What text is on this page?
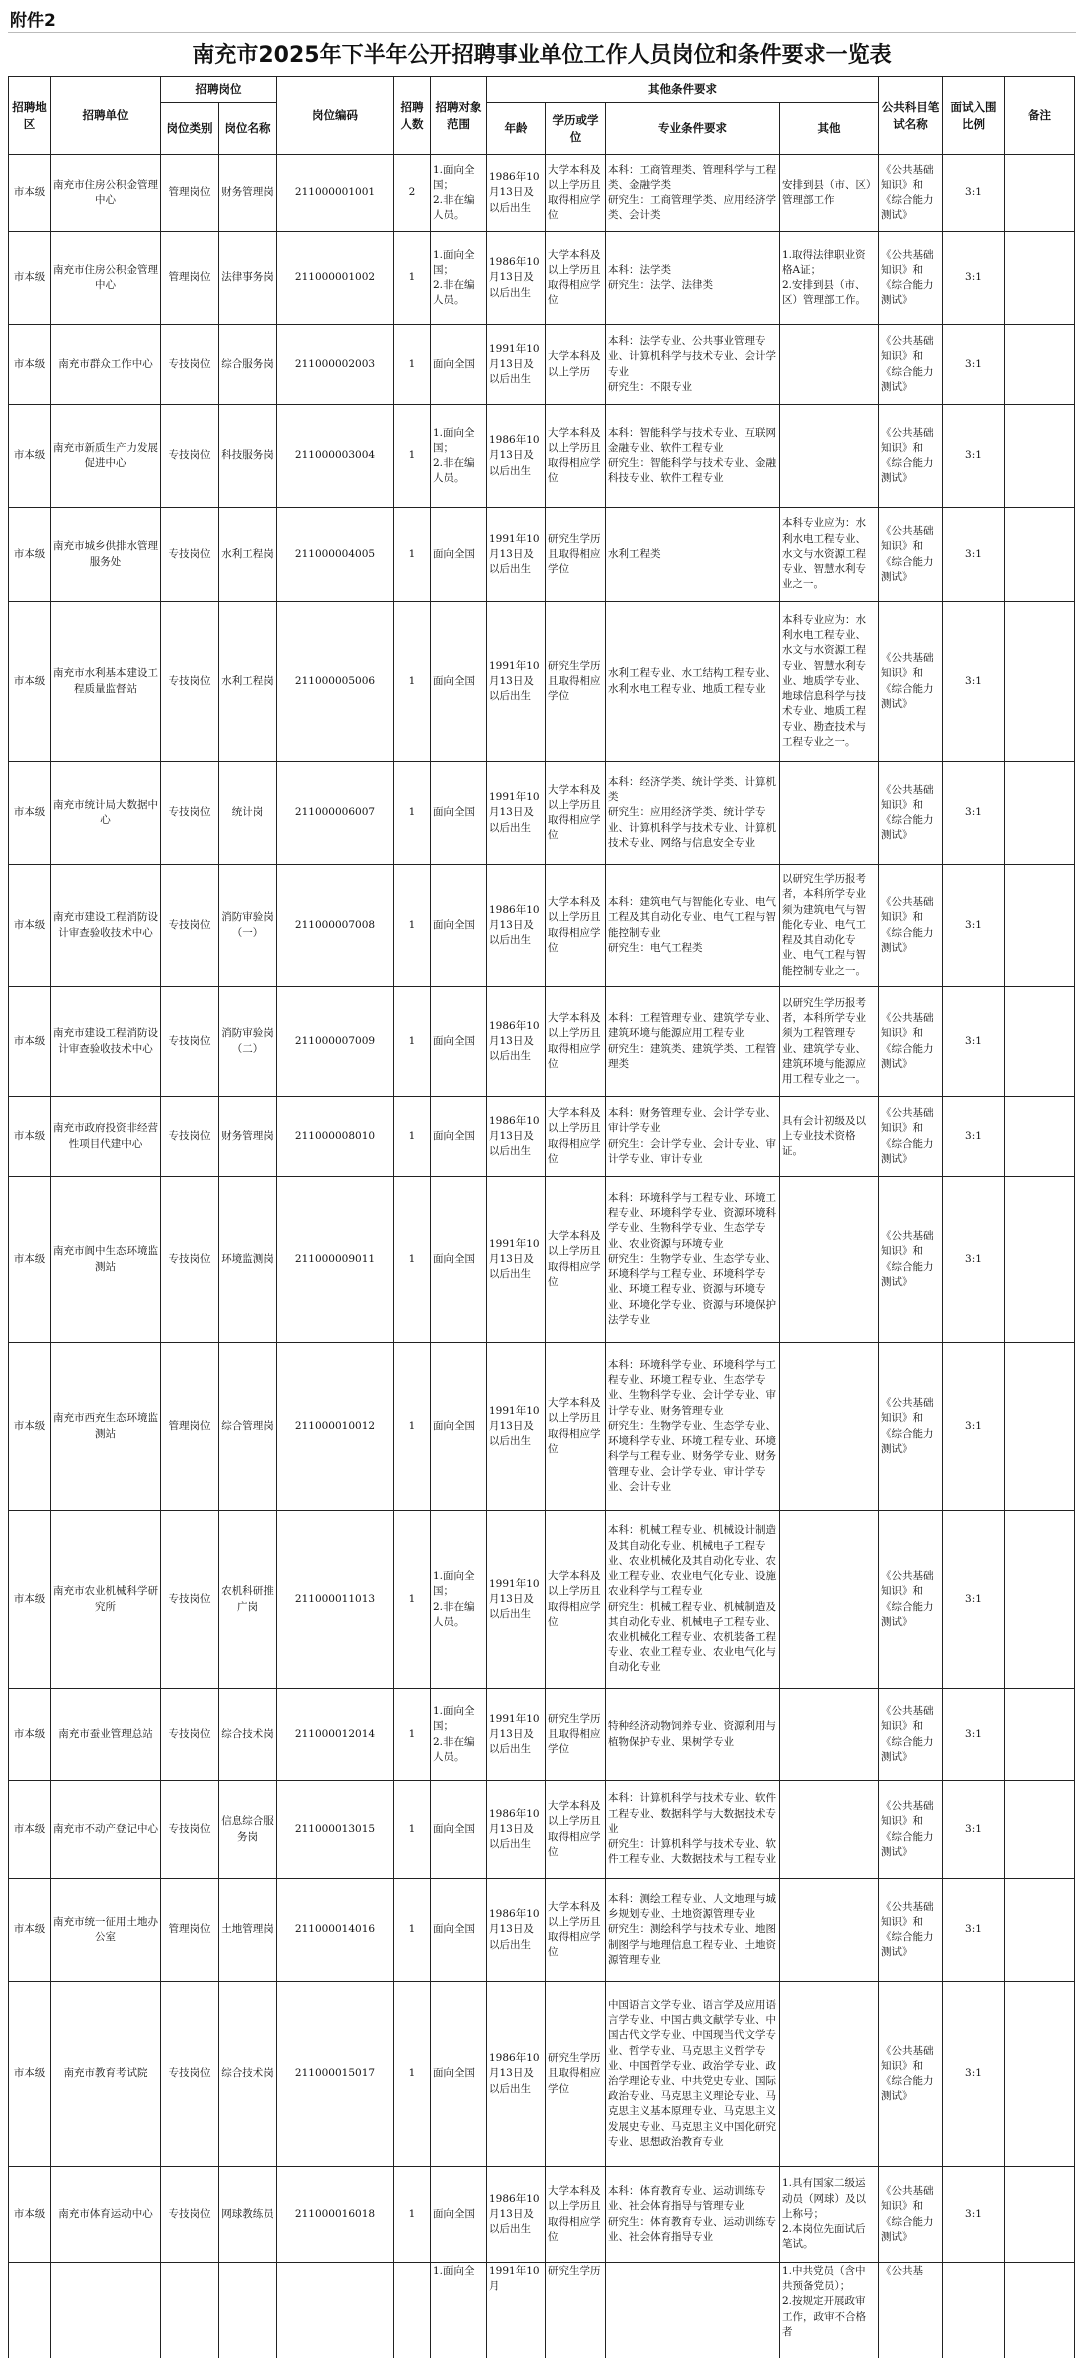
附件2
南充市2025年下半年公开招聘事业单位工作人员岗位和条件要求一览表
招聘地区	招聘单位	招聘岗位		岗位编码	招聘人数	招聘对象范围	其他条件要求				公共科目笔试名称	面试入围比例	备注
		岗位类别	岗位名称				年龄	学历或学位	专业条件要求	其他			
市本级	南充市住房公积金管理中心	管理岗位	财务管理岗	211000001001	2	1.面向全国；
2.非在编人员。	1986年10月13日及以后出生	大学本科及以上学历且取得相应学位	本科：工商管理类、管理科学与工程类、金融学类
研究生：工商管理学类、应用经济学类、会计类	安排到县（市、区）管理部工作	《公共基础知识》和《综合能力测试》	3:1	
市本级	南充市住房公积金管理中心	管理岗位	法律事务岗	211000001002	1	1.面向全国；
2.非在编人员。	1986年10月13日及以后出生	大学本科及以上学历且取得相应学位	本科：法学类
研究生：法学、法律类	1.取得法律职业资格A证；
2.安排到县（市、区）管理部工作。	《公共基础知识》和《综合能力测试》	3:1	
市本级	南充市群众工作中心	专技岗位	综合服务岗	211000002003	1	面向全国	1991年10月13日及以后出生	大学本科及以上学历	本科：法学专业、公共事业管理专业、计算机科学与技术专业、会计学专业
研究生：不限专业		《公共基础知识》和《综合能力测试》	3:1	
市本级	南充市新质生产力发展促进中心	专技岗位	科技服务岗	211000003004	1	1.面向全国；
2.非在编人员。	1986年10月13日及以后出生	大学本科及以上学历且取得相应学位	本科：智能科学与技术专业、互联网金融专业、软件工程专业
研究生：智能科学与技术专业、金融科技专业、软件工程专业		《公共基础知识》和《综合能力测试》	3:1	
市本级	南充市城乡供排水管理服务处	专技岗位	水利工程岗	211000004005	1	面向全国	1991年10月13日及以后出生	研究生学历且取得相应学位	水利工程类	本科专业应为：水利水电工程专业、水文与水资源工程专业、智慧水利专业之一。	《公共基础知识》和《综合能力测试》	3:1	
市本级	南充市水利基本建设工程质量监督站	专技岗位	水利工程岗	211000005006	1	面向全国	1991年10月13日及以后出生	研究生学历且取得相应学位	水利工程专业、水工结构工程专业、水利水电工程专业、地质工程专业	本科专业应为：水利水电工程专业、水文与水资源工程专业、智慧水利专业、地质学专业、地球信息科学与技术专业、地质工程专业、勘查技术与工程专业之一。	《公共基础知识》和《综合能力测试》	3:1	
市本级	南充市统计局大数据中心	专技岗位	统计岗	211000006007	1	面向全国	1991年10月13日及以后出生	大学本科及以上学历且取得相应学位	本科：经济学类、统计学类、计算机类
研究生：应用经济学类、统计学专业、计算机科学与技术专业、计算机技术专业、网络与信息安全专业		《公共基础知识》和《综合能力测试》	3:1	
市本级	南充市建设工程消防设计审查验收技术中心	专技岗位	消防审验岗（一）	211000007008	1	面向全国	1986年10月13日及以后出生	大学本科及以上学历且取得相应学位	本科：建筑电气与智能化专业、电气工程及其自动化专业、电气工程与智能控制专业
研究生：电气工程类	以研究生学历报考者，本科所学专业须为建筑电气与智能化专业、电气工程及其自动化专业、电气工程与智能控制专业之一。	《公共基础知识》和《综合能力测试》	3:1	
市本级	南充市建设工程消防设计审查验收技术中心	专技岗位	消防审验岗（二）	211000007009	1	面向全国	1986年10月13日及以后出生	大学本科及以上学历且取得相应学位	本科：工程管理专业、建筑学专业、建筑环境与能源应用工程专业
研究生：建筑类、建筑学类、工程管理类	以研究生学历报考者，本科所学专业须为工程管理专业、建筑学专业、建筑环境与能源应用工程专业之一。	《公共基础知识》和《综合能力测试》	3:1	
市本级	南充市政府投资非经营性项目代建中心	专技岗位	财务管理岗	211000008010	1	面向全国	1986年10月13日及以后出生	大学本科及以上学历且取得相应学位	本科：财务管理专业、会计学专业、审计学专业
研究生：会计学专业、会计专业、审计学专业、审计专业	具有会计初级及以上专业技术资格证。	《公共基础知识》和《综合能力测试》	3:1	
市本级	南充市阆中生态环境监测站	专技岗位	环境监测岗	211000009011	1	面向全国	1991年10月13日及以后出生	大学本科及以上学历且取得相应学位	本科：环境科学与工程专业、环境工程专业、环境科学专业、资源环境科学专业、生物科学专业、生态学专业、农业资源与环境专业
研究生：生物学专业、生态学专业、环境科学与工程专业、环境科学专业、环境工程专业、资源与环境专业、环境化学专业、资源与环境保护法学专业		《公共基础知识》和《综合能力测试》	3:1	
市本级	南充市西充生态环境监测站	管理岗位	综合管理岗	211000010012	1	面向全国	1991年10月13日及以后出生	大学本科及以上学历且取得相应学位	本科：环境科学专业、环境科学与工程专业、环境工程专业、生态学专业、生物科学专业、会计学专业、审计学专业、财务管理专业
研究生：生物学专业、生态学专业、环境科学专业、环境工程专业、环境科学与工程专业、财务学专业、财务管理专业、会计学专业、审计学专业、会计专业		《公共基础知识》和《综合能力测试》	3:1	
市本级	南充市农业机械科学研究所	专技岗位	农机科研推广岗	211000011013	1	1.面向全国；
2.非在编人员。	1991年10月13日及以后出生	大学本科及以上学历且取得相应学位	本科：机械工程专业、机械设计制造及其自动化专业、机械电子工程专业、农业机械化及其自动化专业、农业工程专业、农业电气化专业、设施农业科学与工程专业
研究生：机械工程专业、机械制造及其自动化专业、机械电子工程专业、农业机械化工程专业、农机装备工程专业、农业工程专业、农业电气化与自动化专业		《公共基础知识》和《综合能力测试》	3:1	
市本级	南充市蚕业管理总站	专技岗位	综合技术岗	211000012014	1	1.面向全国；
2.非在编人员。	1991年10月13日及以后出生	研究生学历且取得相应学位	特种经济动物饲养专业、资源利用与植物保护专业、果树学专业		《公共基础知识》和《综合能力测试》	3:1	
市本级	南充市不动产登记中心	专技岗位	信息综合服务岗	211000013015	1	面向全国	1986年10月13日及以后出生	大学本科及以上学历且取得相应学位	本科：计算机科学与技术专业、软件工程专业、数据科学与大数据技术专业
研究生：计算机科学与技术专业、软件工程专业、大数据技术与工程专业		《公共基础知识》和《综合能力测试》	3:1	
市本级	南充市统一征用土地办公室	管理岗位	土地管理岗	211000014016	1	面向全国	1986年10月13日及以后出生	大学本科及以上学历且取得相应学位	本科：测绘工程专业、人文地理与城乡规划专业、土地资源管理专业
研究生：测绘科学与技术专业、地图制图学与地理信息工程专业、土地资源管理专业		《公共基础知识》和《综合能力测试》	3:1	
市本级	南充市教育考试院	专技岗位	综合技术岗	211000015017	1	面向全国	1986年10月13日及以后出生	研究生学历且取得相应学位	中国语言文学专业、语言学及应用语言学专业、中国古典文献学专业、中国古代文学专业、中国现当代文学专业、哲学专业、马克思主义哲学专业、中国哲学专业、政治学专业、政治学理论专业、中共党史专业、国际政治专业、马克思主义理论专业、马克思主义基本原理专业、马克思主义发展史专业、马克思主义中国化研究专业、思想政治教育专业		《公共基础知识》和《综合能力测试》	3:1	
市本级	南充市体育运动中心	专技岗位	网球教练员	211000016018	1	面向全国	1986年10月13日及以后出生	大学本科及以上学历且取得相应学位	本科：体育教育专业、运动训练专业、社会体育指导与管理专业
研究生：体育教育专业、运动训练专业、社会体育指导专业	1.具有国家二级运动员（网球）及以上称号；
2.本岗位先面试后笔试。	《公共基础知识》和《综合能力测试》	3:1	
						1.面向全	1991年10月	研究生学历		1.中共党员（含中共预备党员）；
2.按规定开展政审工作，政审不合格者	《公共基		
